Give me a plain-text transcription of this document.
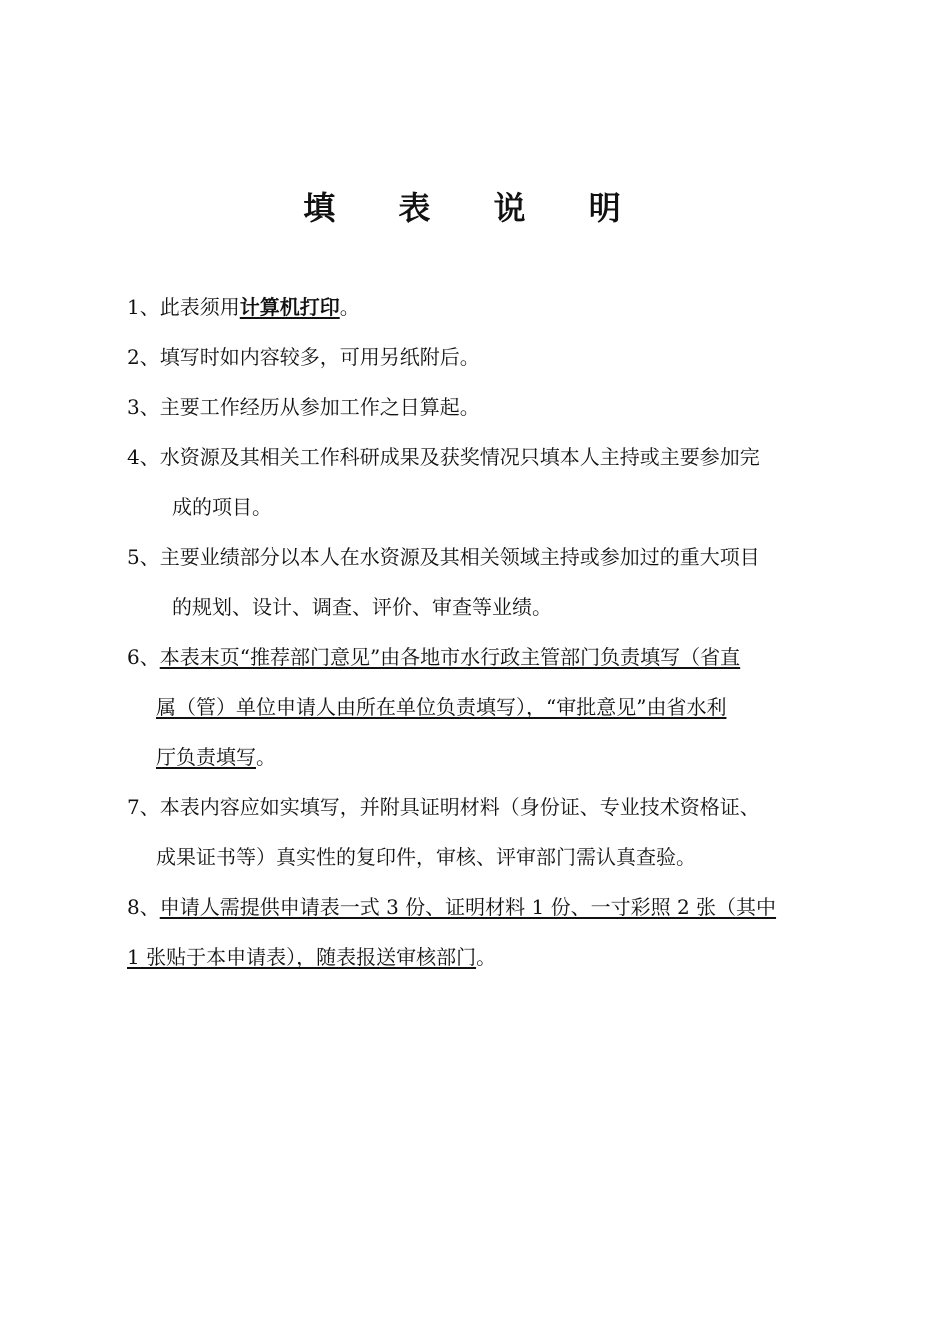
填 表 说 明
1、此表须用计算机打印。
2、填写时如内容较多，可用另纸附后。
3、主要工作经历从参加工作之日算起。
4、水资源及其相关工作科研成果及获奖情况只填本人主持或主要参加完
成的项目。
5、主要业绩部分以本人在水资源及其相关领域主持或参加过的重大项目
的规划、设计、调查、评价、审查等业绩。
6、本表末页“推荐部门意见”由各地市水行政主管部门负责填写（省直
属（管）单位申请人由所在单位负责填写），“审批意见”由省水利
厅负责填写。
7、本表内容应如实填写，并附具证明材料（身份证、专业技术资格证、
成果证书等）真实性的复印件，审核、评审部门需认真查验。
8、申请人需提供申请表一式 3 份、证明材料 1 份、一寸彩照 2 张（其中
1 张贴于本申请表），随表报送审核部门。
